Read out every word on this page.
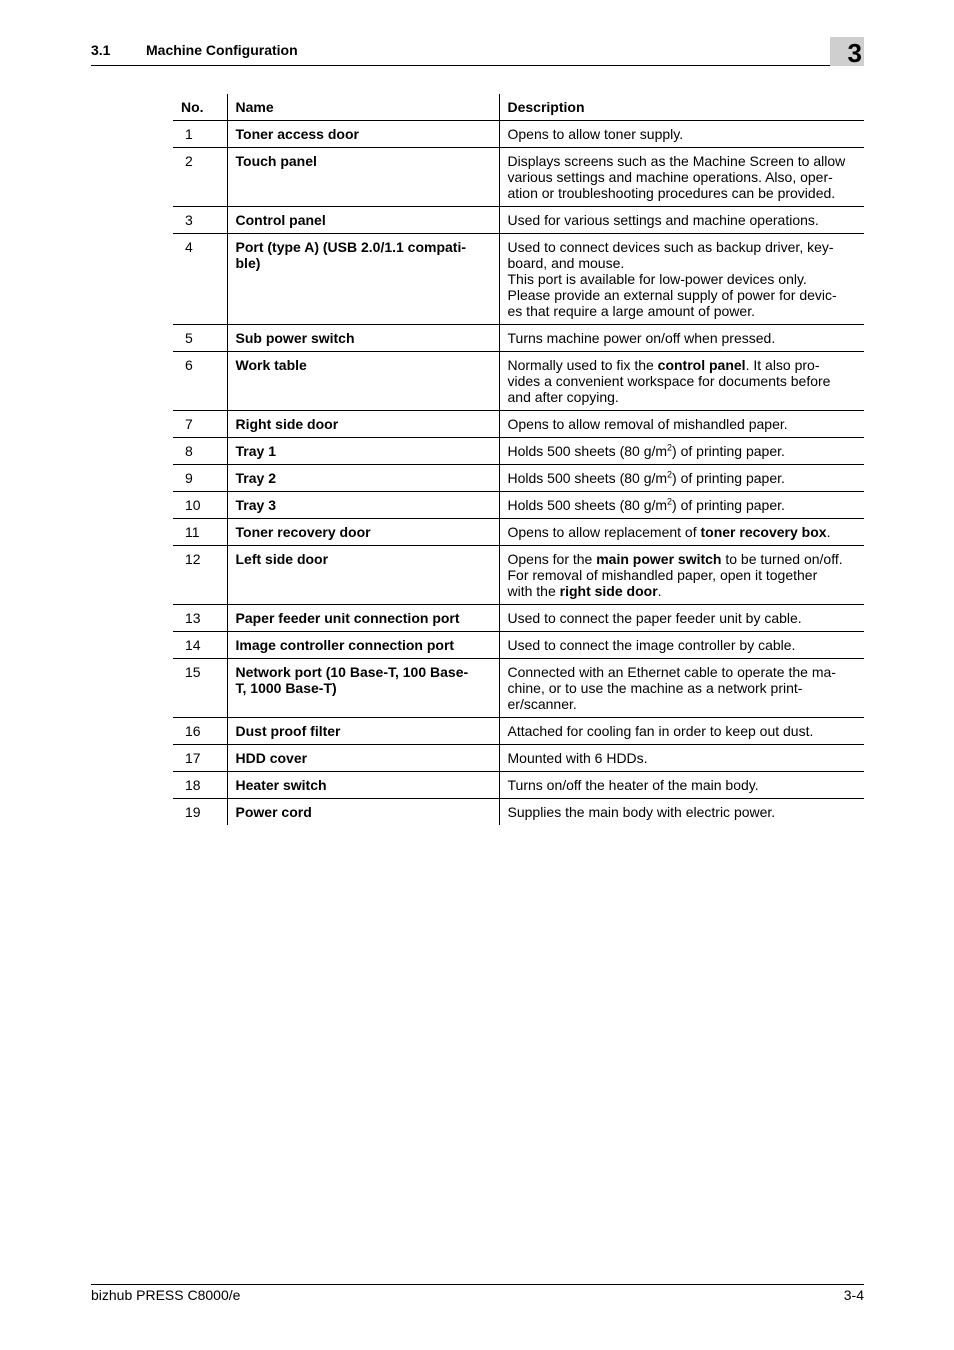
3.1	Machine Configuration	3
No.	Name	Description
1	Toner access door	Opens to allow toner supply.

2	Touch panel	Displays screens such as the Machine Screen to allow
various settings and machine operations. Also, oper-
ation or troubleshooting procedures can be provided.

3	Control panel	Used for various settings and machine operations.

4	Port (type A) (USB 2.0/1.1 compati-
ble)	Used to connect devices such as backup driver, key-
board, and mouse.
This port is available for low-power devices only.
Please provide an external supply of power for devic-
es that require a large amount of power.

5	Sub power switch	Turns machine power on/off when pressed.

6	Work table	Normally used to fix the control panel. It also pro-
vides a convenient workspace for documents before
and after copying.

7	Right side door	Opens to allow removal of mishandled paper.

8	Tray 1	Holds 500 sheets (80 $g/m^2$) of printing paper.

9	Tray 2	Holds 500 sheets (80 $g/m^2$) of printing paper.

10	Tray 3	Holds 500 sheets (80 $g/m^2$) of printing paper.

11	Toner recovery door	Opens to allow replacement of toner recovery box.

12	Left side door	Opens for the main power switch to be turned on/off.
For removal of mishandled paper, open it together
with the right side door.

13	Paper feeder unit connection port	Used to connect the paper feeder unit by cable.

14	Image controller connection port	Used to connect the image controller by cable.

15	Network port (10 Base-T, 100 Base-
T, 1000 Base-T)	Connected with an Ethernet cable to operate the ma-
chine, or to use the machine as a network print-
er/scanner.

16	Dust proof filter	Attached for cooling fan in order to keep out dust.

17	HDD cover	Mounted with 6 HDDs.

18	Heater switch	Turns on/off the heater of the main body.

19	Power cord	Supplies the main body with electric power.
bizhub PRESS C8000/e	3-4
